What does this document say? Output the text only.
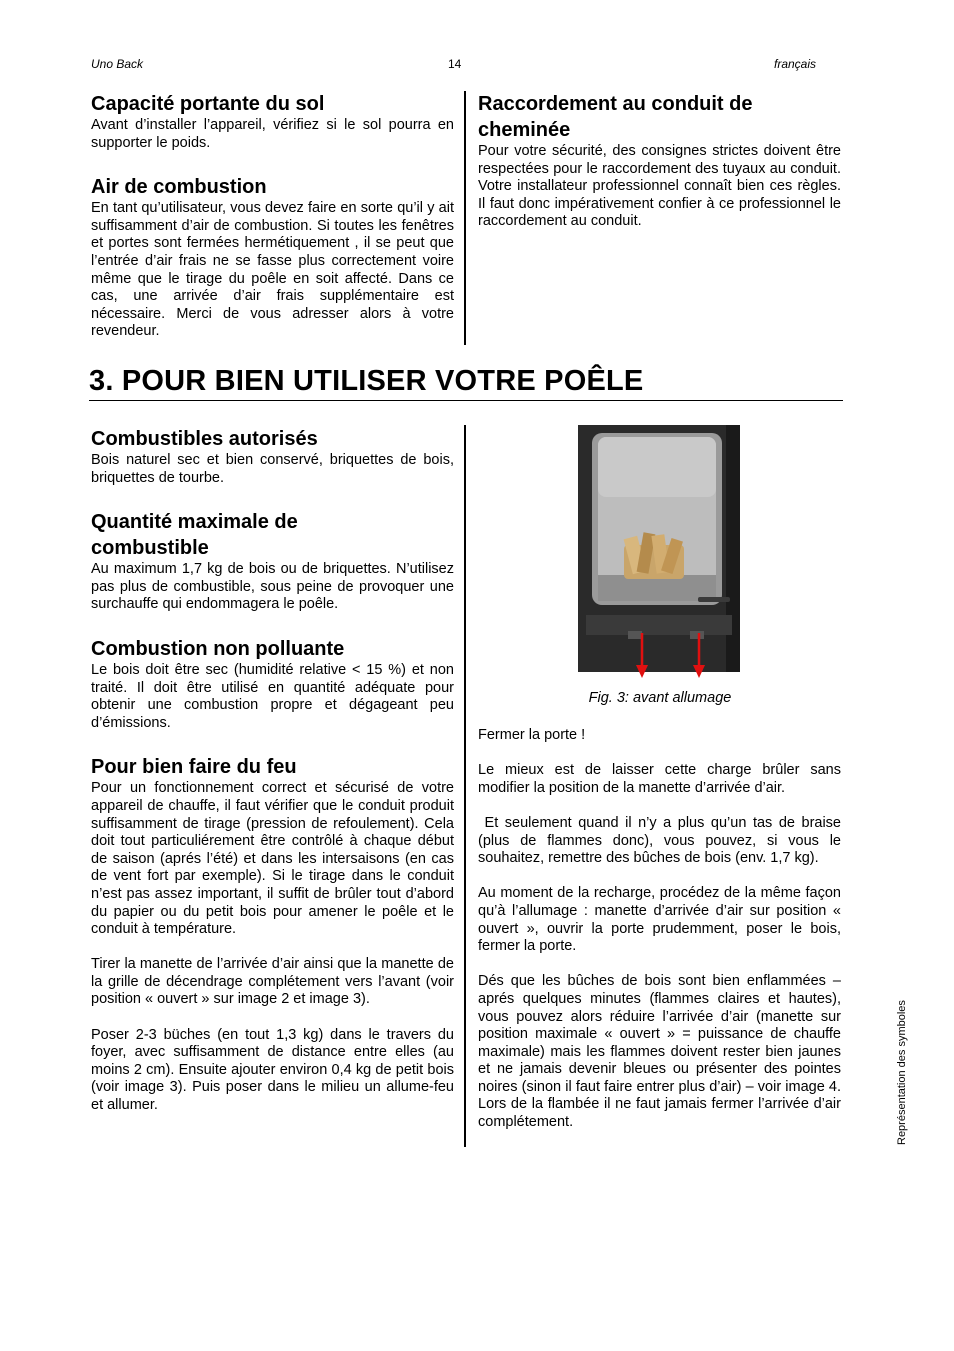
Uno Back	14	français
Capacité portante du sol

Avant d’installer l’appareil, vérifiez si le sol pourra en supporter le poids.

Air de combustion

En tant qu’utilisateur, vous devez faire en sorte qu’il y ait suffisamment d’air de combustion. Si toutes les fenêtres et portes sont fermées hermétiquement , il se peut que l’entrée d’air frais ne se fasse plus correctement voire même que le tirage du poêle en soit affecté. Dans ce cas, une arrivée d’air frais supplémentaire est nécessaire. Merci de vous adresser alors à votre revendeur.

Raccordement au conduit de cheminée

Pour votre sécurité, des consignes strictes doivent être respectées pour le raccordement des tuyaux au conduit. Votre installateur professionnel connaît bien ces règles. Il faut donc impérativement confier à ce professionnel le raccordement au conduit.

3. POUR BIEN UTILISER VOTRE POÊLE
Combustibles autorisés

Bois naturel sec et bien conservé, briquettes de bois, briquettes de tourbe.

Quantité maximale de combustible

Au maximum 1,7 kg de bois ou de briquettes. N’utilisez pas plus de combustible, sous peine de provoquer une surchauffe qui endommagera le poêle.

Combustion non polluante

Le bois doit être sec (humidité relative < 15 %) et non traité. Il doit être utilisé en quantité adéquate pour obtenir une combustion propre et dégageant peu d’émissions.

Pour bien faire du feu

Pour un fonctionnement correct et sécurisé de votre appareil de chauffe, il faut vérifier que le conduit produit suffisamment de tirage (pression de refoulement). Cela doit tout particuliérement être contrôlé à chaque début de saison (aprés l’été) et dans les intersaisons (en cas de vent fort par exemple). Si le tirage dans le conduit n’est pas assez important, il suffit de brûler tout d’abord du papier ou du petit bois pour amener le poêle et le conduit à température.

Tirer la manette de l’arrivée d’air ainsi que la manette de la grille de décendrage complétement vers l’avant (voir position « ouvert » sur image 2 et image 3).

Poser 2-3 büches (en tout 1,3 kg) dans le travers du foyer, avec suffisamment de distance entre elles (au moins 2 cm). Ensuite ajouter environ 0,4 kg de petit bois (voir image 3). Puis poser dans le milieu un allume-feu et allumer.

Fig. 3: avant allumage

Fermer la porte !

Le mieux est de laisser cette charge brûler sans modifier la position de la manette d’arrivée d’air.

Et seulement quand il n’y a plus qu’un tas de braise (plus de flammes donc), vous pouvez, si vous le souhaitez, remettre des bûches de bois (env. 1,7 kg).

Au moment de la recharge, procédez de la même façon qu’à l’allumage : manette d’arrivée d’air sur position « ouvert », ouvrir la porte prudemment, poser le bois, fermer la porte.

Dés que les bûches de bois sont bien enflammées – aprés quelques minutes (flammes claires et hautes), vous pouvez alors réduire l’arrivée d’air (manette sur position maximale « ouvert » = puissance de chauffe maximale) mais les flammes doivent rester bien jaunes et ne jamais devenir bleues ou présenter des pointes noires (sinon il faut faire entrer plus d’air) – voir image 4. Lors de la flambée il ne faut jamais fermer l’arrivée d’air complétement.	Représentation des symboles
